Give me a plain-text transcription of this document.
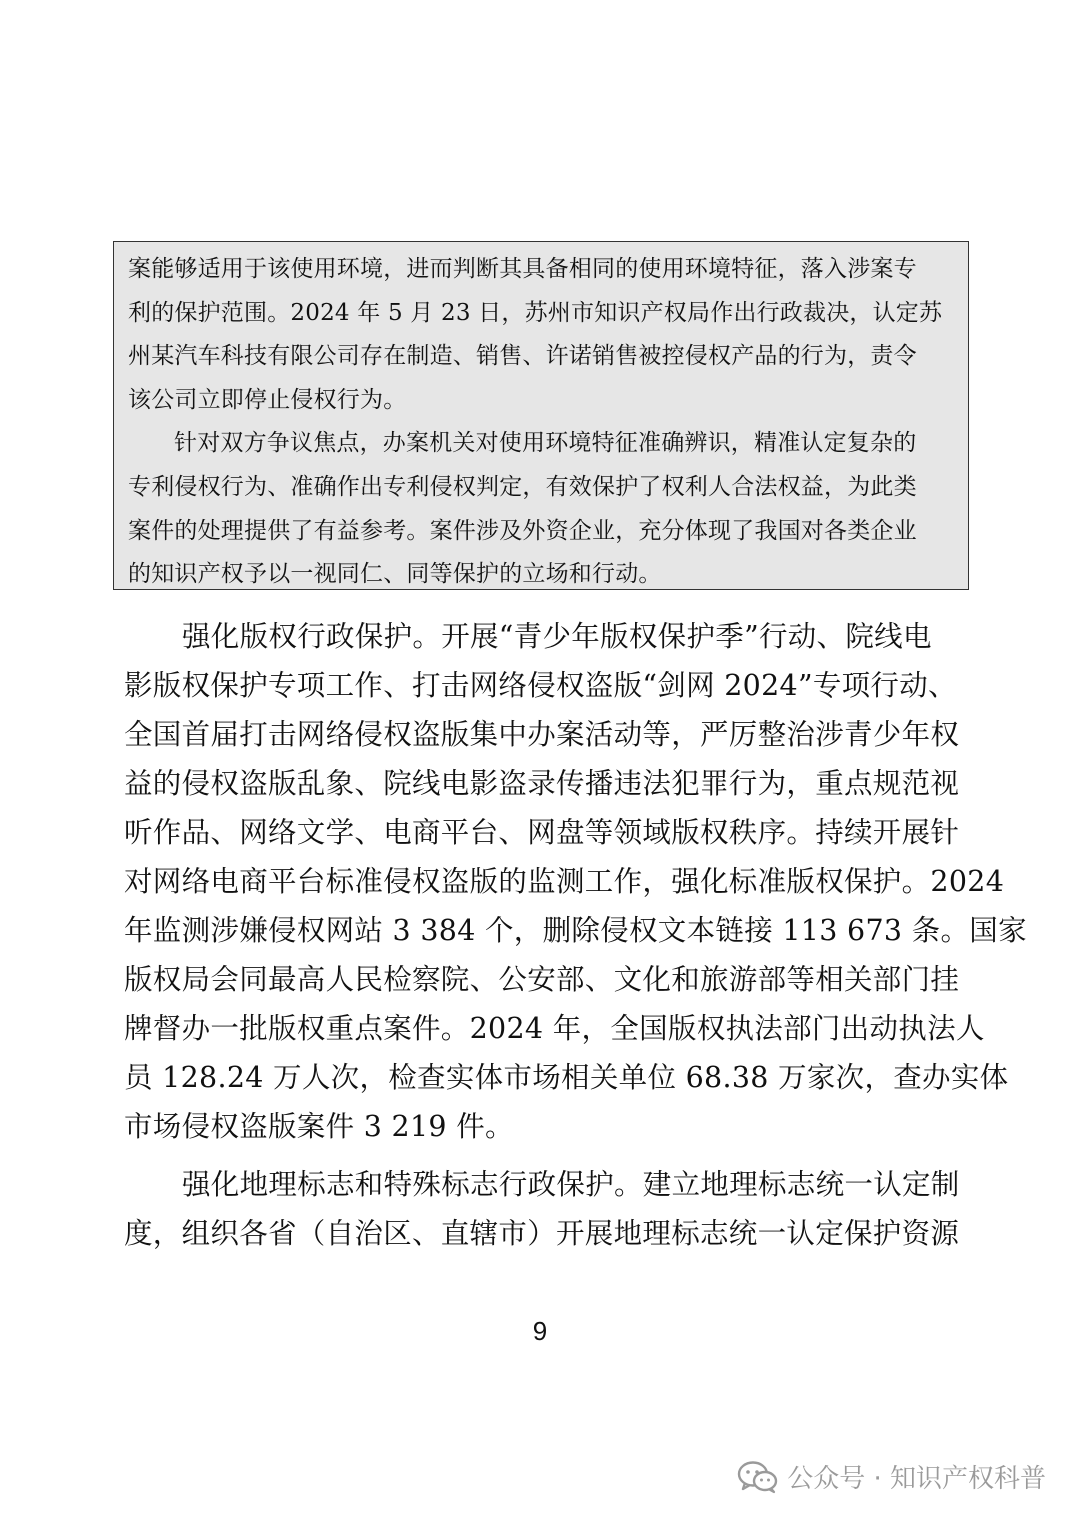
案能够适用于该使用环境，进而判断其具备相同的使用环境特征，落入涉案专
利的保护范围。2024 年 5 月 23 日，苏州市知识产权局作出行政裁决，认定苏
州某汽车科技有限公司存在制造、销售、许诺销售被控侵权产品的行为，责令
该公司立即停止侵权行为。
针对双方争议焦点，办案机关对使用环境特征准确辨识，精准认定复杂的
专利侵权行为、准确作出专利侵权判定，有效保护了权利人合法权益，为此类
案件的处理提供了有益参考。案件涉及外资企业，充分体现了我国对各类企业
的知识产权予以一视同仁、同等保护的立场和行动。
强化版权行政保护。开展“青少年版权保护季”行动、院线电
影版权保护专项工作、打击网络侵权盗版“剑网 2024”专项行动、
全国首届打击网络侵权盗版集中办案活动等，严厉整治涉青少年权
益的侵权盗版乱象、院线电影盗录传播违法犯罪行为，重点规范视
听作品、网络文学、电商平台、网盘等领域版权秩序。持续开展针
对网络电商平台标准侵权盗版的监测工作，强化标准版权保护。2024
年监测涉嫌侵权网站 3 384 个，删除侵权文本链接 113 673 条。国家
版权局会同最高人民检察院、公安部、文化和旅游部等相关部门挂
牌督办一批版权重点案件。2024 年，全国版权执法部门出动执法人
员 128.24 万人次，检查实体市场相关单位 68.38 万家次，查办实体
市场侵权盗版案件 3 219 件。
强化地理标志和特殊标志行政保护。建立地理标志统一认定制
度，组织各省（自治区、直辖市）开展地理标志统一认定保护资源
9
公众号 · 知识产权科普
